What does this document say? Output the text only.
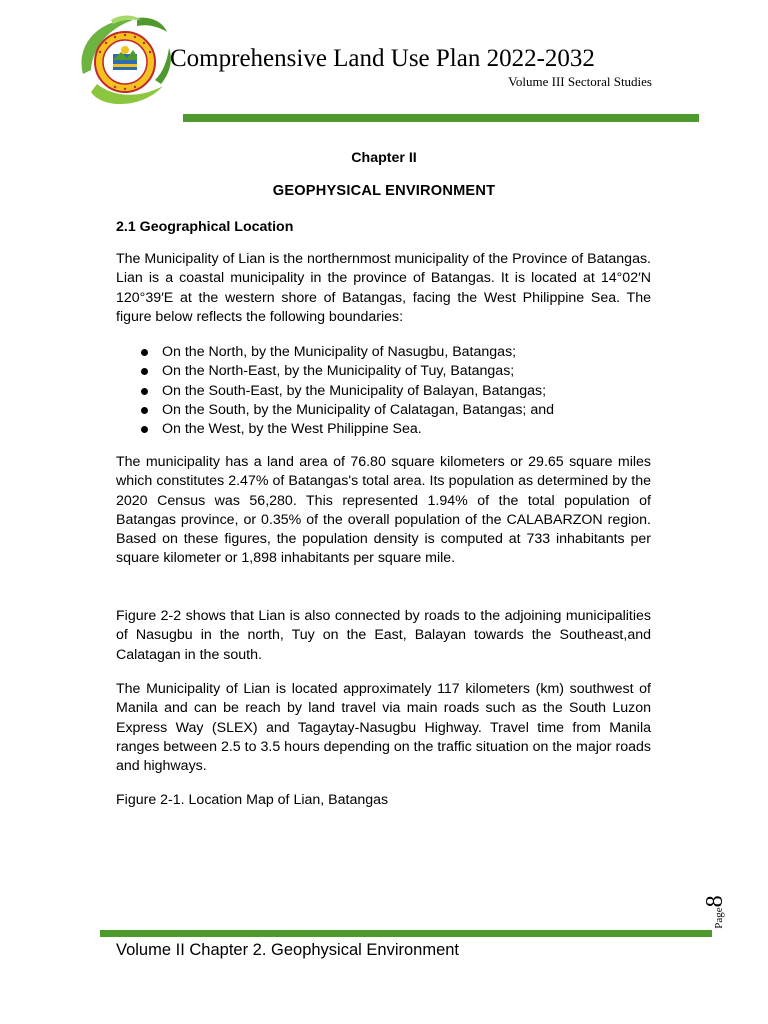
Comprehensive Land Use Plan 2022-2032
Volume III Sectoral Studies
Chapter II
GEOPHYSICAL ENVIRONMENT
2.1 Geographical Location

The Municipality of Lian is the northernmost municipality of the Province of Batangas. Lian is a coastal municipality in the province of Batangas. It is located at 14°02′N 120°39′E at the western shore of Batangas, facing the West Philippine Sea. The figure below reflects the following boundaries:

On the North, by the Municipality of Nasugbu, Batangas;
On the North-East, by the Municipality of Tuy, Batangas;
On the South-East, by the Municipality of Balayan, Batangas;
On the South, by the Municipality of Calatagan, Batangas; and
On the West, by the West Philippine Sea.

The municipality has a land area of 76.80 square kilometers or 29.65 square miles which constitutes 2.47% of Batangas's total area. Its population as determined by the 2020 Census was 56,280. This represented 1.94% of the total population of Batangas province, or 0.35% of the overall population of the CALABARZON region. Based on these figures, the population density is computed at 733 inhabitants per square kilometer or 1,898 inhabitants per square mile.

Figure 2-2 shows that Lian is also connected by roads to the adjoining municipalities of Nasugbu in the north, Tuy on the East, Balayan towards the Southeast,and Calatagan in the south.

The Municipality of Lian is located approximately 117 kilometers (km) southwest of Manila and can be reach by land travel via main roads such as the South Luzon Express Way (SLEX) and Tagaytay-Nasugbu Highway. Travel time from Manila ranges between 2.5 to 3.5 hours depending on the traffic situation on the major roads and highways.

Figure 2-1. Location Map of Lian, Batangas
Page
8
Volume II Chapter 2. Geophysical Environment
